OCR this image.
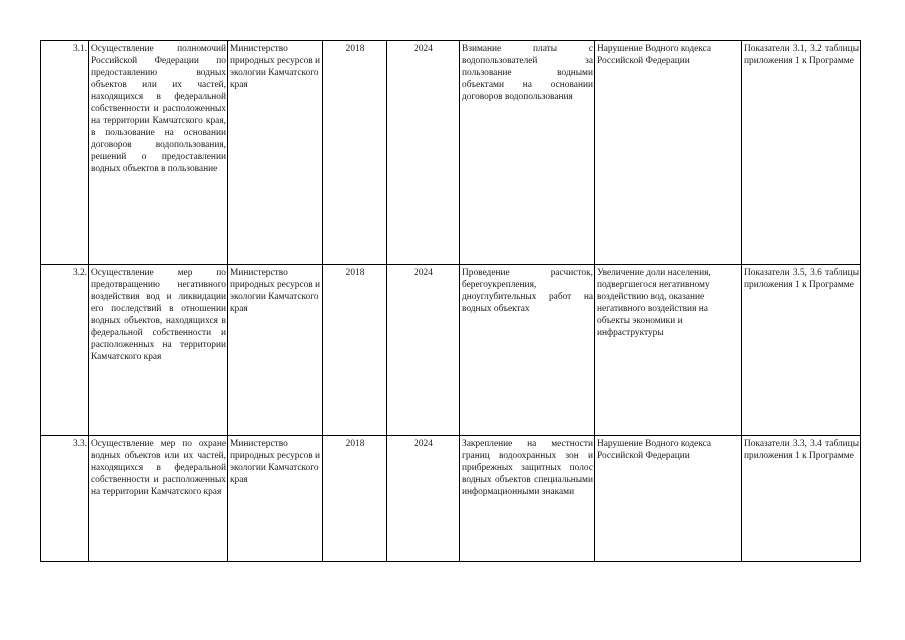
3.1.	Осуществление полномочий Российской Федерации по предоставлению водных объектов или их частей, находящихся в федеральной собственности и расположенных на территории Камчатского края, в пользование на основании договоров водопользования, решений о предоставлении водных объектов в пользование	Министерство природных ресурсов и экологии Камчатского края	2018	2024	Взимание платы с водопользователей за пользование водными объектами на основании договоров водопользования	Нарушение Водного кодекса Российской Федерации	Показатели 3.1, 3.2 таблицы приложения 1 к Программе
3.2.	Осуществление мер по предотвращению негативного воздействия вод и ликвидации его последствий в отношении водных объектов, находящихся в федеральной собственности и расположенных на территории Камчатского края	Министерство природных ресурсов и экологии Камчатского края	2018	2024	Проведение расчисток, берегоукрепления, дноуглубительных работ на водных объектах	Увеличение доли населения, подвергшегося негативному воздействию вод, оказание негативного воздействия на объекты экономики и инфраструктуры	Показатели 3.5, 3.6 таблицы приложения 1 к Программе
3.3.	Осуществление мер по охране водных объектов или их частей, находящихся в федеральной собственности и расположенных на территории Камчатского края	Министерство природных ресурсов и экологии Камчатского края	2018	2024	Закрепление на местности границ водоохранных зон и прибрежных защитных полос водных объектов специальными информационными знаками	Нарушение Водного кодекса Российской Федерации	Показатели 3.3, 3.4 таблицы приложения 1 к Программе
